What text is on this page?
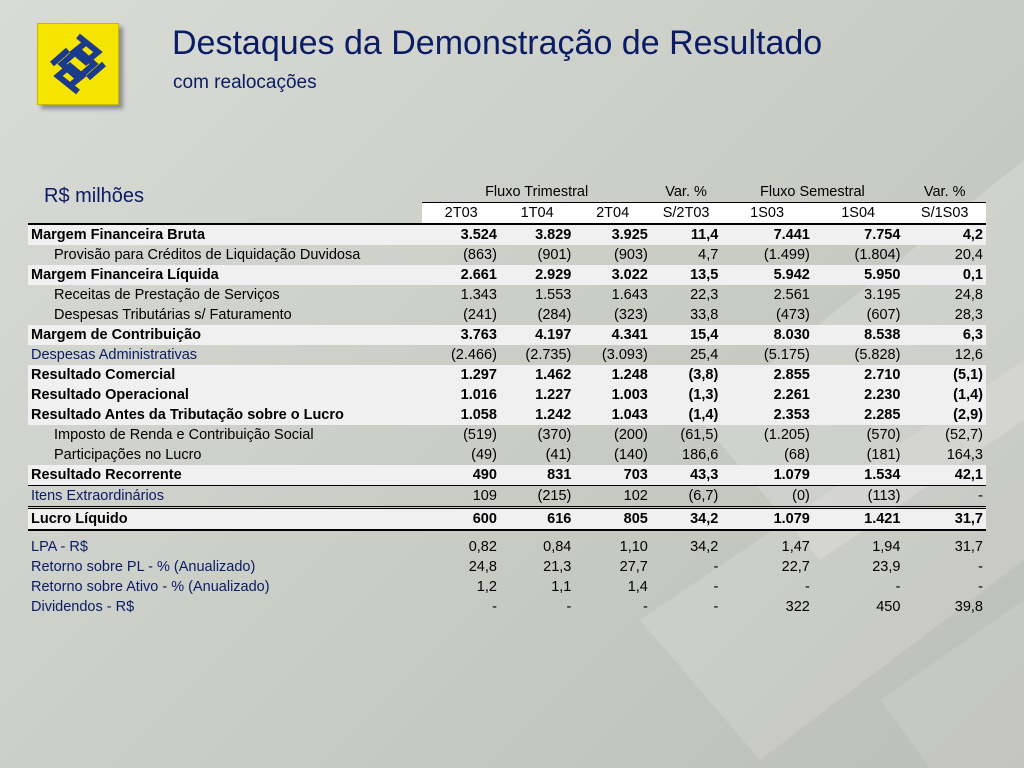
Destaques da Demonstração de Resultado
com realocações
R$ milhões
		Fluxo Trimestral			Var. %	Fluxo Semestral		Var. %
	2T03	1T04	2T04	S/2T03	1S03	1S04	S/1S03
Margem Financeira Bruta	3.524	3.829	3.925	11,4	7.441	7.754	4,2
Provisão para Créditos de Liquidação Duvidosa	(863)	(901)	(903)	4,7	(1.499)	(1.804)	20,4
Margem Financeira Líquida	2.661	2.929	3.022	13,5	5.942	5.950	0,1
Receitas de Prestação de Serviços	1.343	1.553	1.643	22,3	2.561	3.195	24,8
Despesas Tributárias s/ Faturamento	(241)	(284)	(323)	33,8	(473)	(607)	28,3
Margem de Contribuição	3.763	4.197	4.341	15,4	8.030	8.538	6,3
Despesas Administrativas	(2.466)	(2.735)	(3.093)	25,4	(5.175)	(5.828)	12,6
Resultado Comercial	1.297	1.462	1.248	(3,8)	2.855	2.710	(5,1)
Resultado Operacional	1.016	1.227	1.003	(1,3)	2.261	2.230	(1,4)
Resultado Antes da Tributação sobre o Lucro	1.058	1.242	1.043	(1,4)	2.353	2.285	(2,9)
Imposto de Renda e Contribuição Social	(519)	(370)	(200)	(61,5)	(1.205)	(570)	(52,7)
Participações no Lucro	(49)	(41)	(140)	186,6	(68)	(181)	164,3
Resultado Recorrente	490	831	703	43,3	1.079	1.534	42,1
Itens Extraordinários	109	(215)	102	(6,7)	(0)	(113)	-
Lucro Líquido	600	616	805	34,2	1.079	1.421	31,7
LPA - R$	0,82	0,84	1,10	34,2	1,47	1,94	31,7
Retorno sobre PL - % (Anualizado)	24,8	21,3	27,7	-	22,7	23,9	-
Retorno sobre Ativo - % (Anualizado)	1,2	1,1	1,4	-	-	-	-
Dividendos - R$	-	-	-	-	322	450	39,8
